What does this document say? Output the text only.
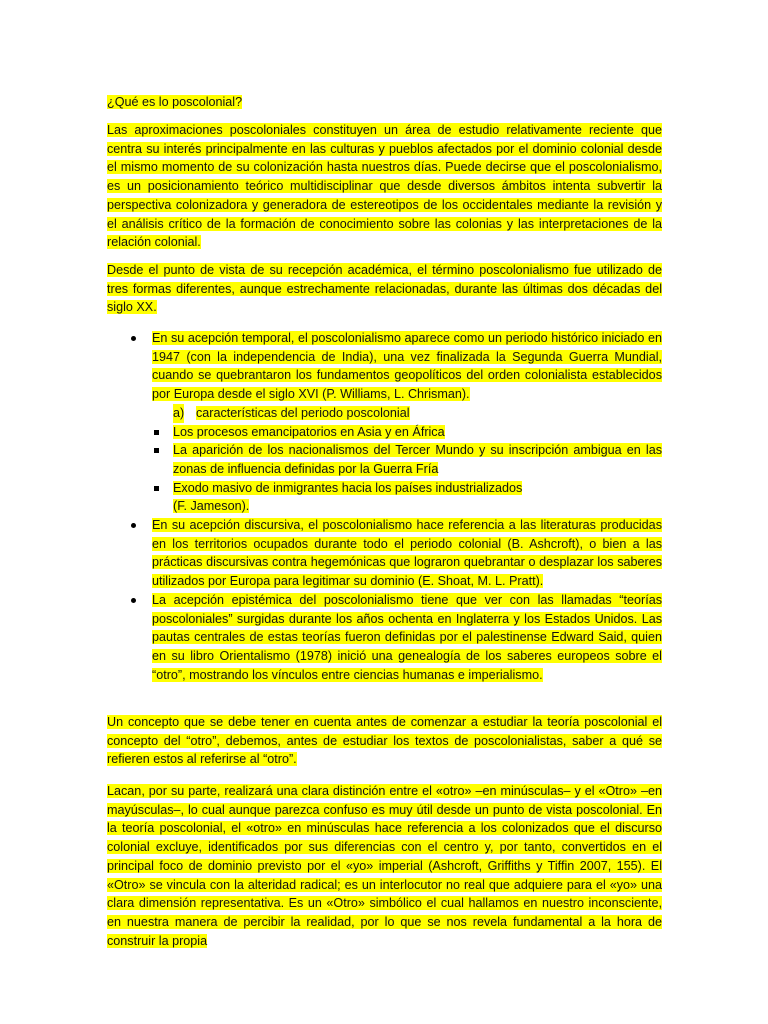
¿Qué es lo poscolonial?

Las aproximaciones poscoloniales constituyen un área de estudio relativamente reciente que centra su interés principalmente en las culturas y pueblos afectados por el dominio colonial desde el mismo momento de su colonización hasta nuestros días. Puede decirse que el poscolonialismo, es un posicionamiento teórico multidisciplinar que desde diversos ámbitos intenta subvertir la perspectiva colonizadora y generadora de estereotipos de los occidentales mediante la revisión y el análisis crítico de la formación de conocimiento sobre las colonias y las interpretaciones de la relación colonial.

Desde el punto de vista de su recepción académica, el término poscolonialismo fue utilizado de tres formas diferentes, aunque estrechamente relacionadas, durante las últimas dos décadas del siglo XX.

En su acepción temporal, el poscolonialismo aparece como un periodo histórico iniciado en 1947 (con la independencia de India), una vez finalizada la Segunda Guerra Mundial, cuando se quebrantaron los fundamentos geopolíticos del orden colonialista establecidos por Europa desde el siglo XVI (P. Williams, L. Chrisman).
a) características del periodo poscolonial
Los procesos emancipatorios en Asia y en África
La aparición de los nacionalismos del Tercer Mundo y su inscripción ambigua en las zonas de influencia definidas por la Guerra Fría
Exodo masivo de inmigrantes hacia los países industrializados
(F. Jameson).
En su acepción discursiva, el poscolonialismo hace referencia a las literaturas producidas en los territorios ocupados durante todo el periodo colonial (B. Ashcroft), o bien a las prácticas discursivas contra hegemónicas que lograron quebrantar o desplazar los saberes utilizados por Europa para legitimar su dominio (E. Shoat, M. L. Pratt).
La acepción epistémica del poscolonialismo tiene que ver con las llamadas “teorías poscoloniales” surgidas durante los años ochenta en Inglaterra y los Estados Unidos. Las pautas centrales de estas teorías fueron definidas por el palestinense Edward Said, quien en su libro Orientalismo (1978) inició una genealogía de los saberes europeos sobre el “otro”, mostrando los vínculos entre ciencias humanas e imperialismo.

Un concepto que se debe tener en cuenta antes de comenzar a estudiar la teoría poscolonial el concepto del “otro”, debemos, antes de estudiar los textos de poscolonialistas, saber a qué se refieren estos al referirse al “otro”.

Lacan, por su parte, realizará una clara distinción entre el «otro» –en minúsculas– y el «Otro» –en mayúsculas–, lo cual aunque parezca confuso es muy útil desde un punto de vista poscolonial. En la teoría poscolonial, el «otro» en minúsculas hace referencia a los colonizados que el discurso colonial excluye, identificados por sus diferencias con el centro y, por tanto, convertidos en el principal foco de dominio previsto por el «yo» imperial (Ashcroft, Griffiths y Tiffin 2007, 155). El «Otro» se vincula con la alteridad radical; es un interlocutor no real que adquiere para el «yo» una clara dimensión representativa. Es un «Otro» simbólico el cual hallamos en nuestro inconsciente, en nuestra manera de percibir la realidad, por lo que se nos revela fundamental a la hora de construir la propia
